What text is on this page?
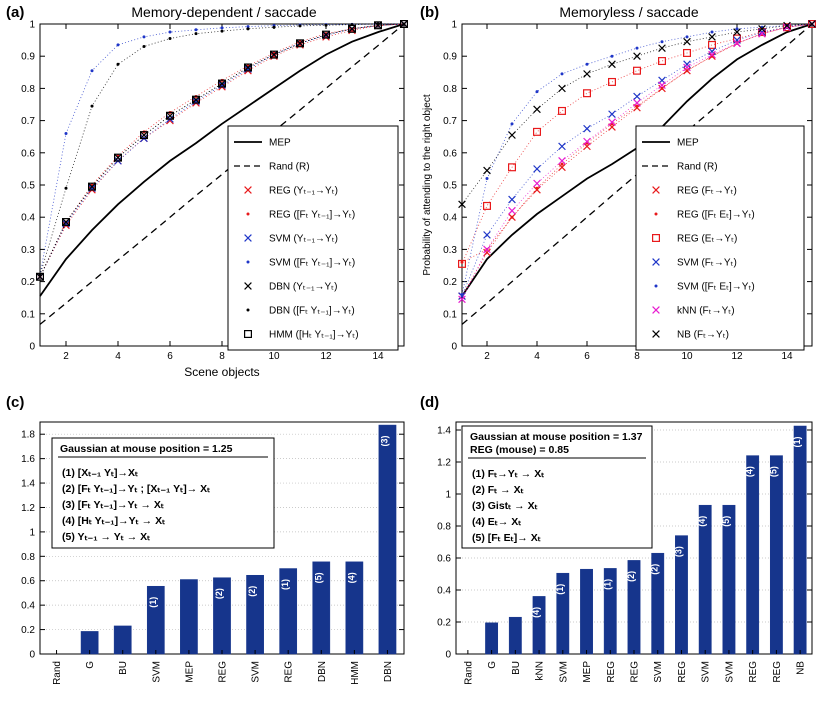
(a)	Memory-dependent / saccade
0
0.1
0.2
0.3
0.4
0.5
0.6
0.7
0.8
0.9
1
2	4	6	8	10	12	14
Scene objects
MEP
Rand (R)
REG (Yₜ₋₁→Yₜ)
REG ([Fₜ Yₜ₋₁]→Yₜ)
SVM (Yₜ₋₁→Yₜ)
SVM ([Fₜ Yₜ₋₁]→Yₜ)
DBN (Yₜ₋₁→Yₜ)
DBN ([Fₜ Yₜ₋₁]→Yₜ)
HMM ([Hₜ Yₜ₋₁]→Yₜ)
(b)	Memoryless / saccade
0
0.1
0.2
0.3
0.4
0.5
0.6
0.7
0.8
0.9
1
2	4	6	8	10	12	14
Probability of attending to the right object	MEP
Rand (R)
REG (Fₜ→Yₜ)
REG ([Fₜ Eₜ]→Yₜ)
REG (Eₜ→Yₜ)
SVM (Fₜ→Yₜ)
SVM ([Fₜ Eₜ]→Yₜ)
kNN (Fₜ→Yₜ)
NB (Fₜ→Yₜ)
(c)
0
0.2
0.4
0.6
0.8
1
1.2
1.4
1.6
1.8
Rand G BU
(1)
SVM MEP
(2)
REG
(2)
SVM
(1)
REG
(5)
DBN
(4)
HMM
(3)
DBN
Gaussian at mouse position = 1.25
(1) [Xₜ₋₁ Yₜ]→Xₜ
(2) [Fₜ Yₜ₋₁]→Yₜ ; [Xₜ₋₁ Yₜ]→ Xₜ
(3) [Fₜ Yₜ₋₁]→Yₜ → Xₜ
(4) [Hₜ Yₜ₋₁]→Yₜ → Xₜ
(5) Yₜ₋₁ → Yₜ → Xₜ
(d)
0
0.2
0.4
0.6
0.8
1
1.2
1.4
Rand G BU
(4)
kNN
(1)
SVM MEP
(1)
REG
(2)
REG
(2)
SVM
(3)
REG
(4)
SVM
(5)
SVM
(4)
REG
(5)
REG
(1)
NB
Gaussian at mouse position = 1.37
REG (mouse) = 0.85
(1) Fₜ→Yₜ → Xₜ
(2) Fₜ → Xₜ
(3) Gistₜ → Xₜ
(4) Eₜ→ Xₜ
(5) [Fₜ Eₜ]→ Xₜ
